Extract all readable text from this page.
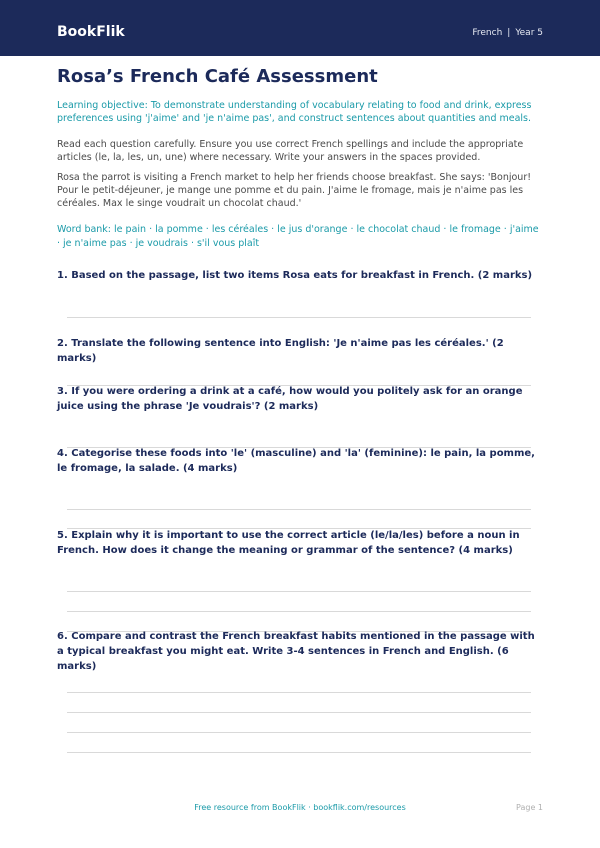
BookFlik	French | Year 5
Rosa’s French Café Assessment
Learning objective: To demonstrate understanding of vocabulary relating to food and drink, express preferences using 'j'aime' and 'je n'aime pas', and construct sentences about quantities and meals.
Read each question carefully. Ensure you use correct French spellings and include the appropriate articles (le, la, les, un, une) where necessary. Write your answers in the spaces provided.
Rosa the parrot is visiting a French market to help her friends choose breakfast. She says: 'Bonjour! Pour le petit-déjeuner, je mange une pomme et du pain. J'aime le fromage, mais je n'aime pas les céréales. Max le singe voudrait un chocolat chaud.'
Word bank: le pain · la pomme · les céréales · le jus d'orange · le chocolat chaud · le fromage · j'aime · je n'aime pas · je voudrais · s'il vous plaît
1. Based on the passage, list two items Rosa eats for breakfast in French. (2 marks)
2. Translate the following sentence into English: 'Je n'aime pas les céréales.' (2 marks)
3. If you were ordering a drink at a café, how would you politely ask for an orange juice using the phrase 'Je voudrais'? (2 marks)
4. Categorise these foods into 'le' (masculine) and 'la' (feminine): le pain, la pomme, le fromage, la salade. (4 marks)
5. Explain why it is important to use the correct article (le/la/les) before a noun in French. How does it change the meaning or grammar of the sentence? (4 marks)
6. Compare and contrast the French breakfast habits mentioned in the passage with a typical breakfast you might eat. Write 3-4 sentences in French and English. (6 marks)
Free resource from BookFlik · bookflik.com/resources	Page 1
